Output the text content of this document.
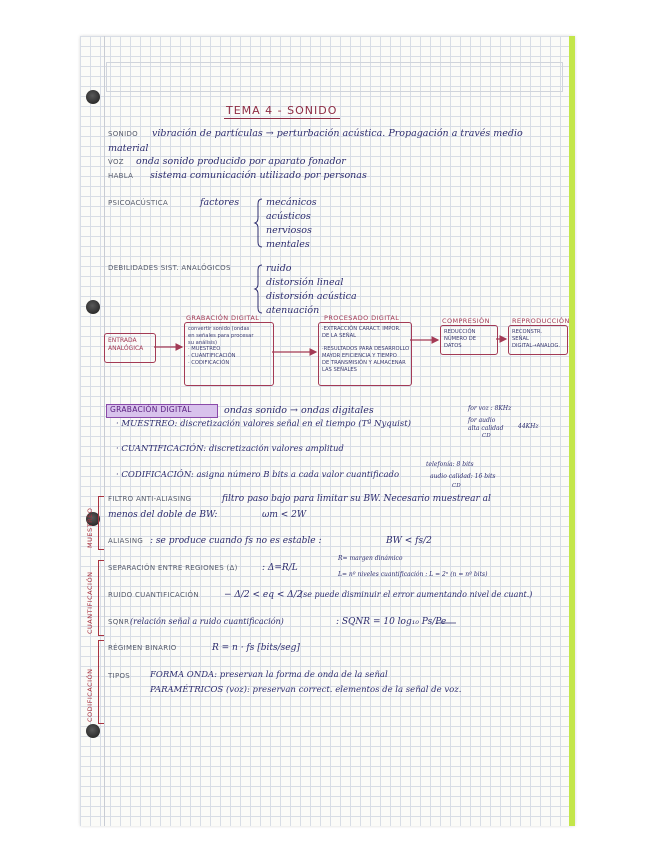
TEMA 4 - SONIDO
SONIDO vibración de partículas → perturbación acústica. Propagación a través medio
material
VOZ onda sonido producido por aparato fonador
HABLA sistema comunicación utilizado por personas
PSICOACÚSTICA	factores	mecánicos
acústicos
nerviosos
mentales
DEBILIDADES SIST. ANALÓGICOS	ruido
distorsión lineal
distorsión acústica
atenuación
ENTRADA
ANALÓGICA
GRABACIÓN DIGITAL
convertir sonido (ondas
en señales para procesar
su análisis)
· MUESTREO
· CUANTIFICACIÓN
· CODIFICACIÓN
PROCESADO DIGITAL
·EXTRACCIÓN CARACT. IMPOR.
DE LA SEÑAL

·RESULTADOS PARA DESARROLLO
MAYOR EFICIENCIA Y TIEMPO
DE TRANSMISIÓN Y ALMACENAR
LAS SEÑALES
COMPRESIÓN
REDUCCIÓN
NÚMERO DE
DATOS
REPRODUCCIÓN
RECONSTR.
SEÑAL
DIGITAL→ANALOG.
GRABACIÓN DIGITAL	ondas sonido → ondas digitales
· MUESTREO: discretización valores señal en el tiempo (Tª Nyquist)
for voz : 8KHz
for audio
alta calidad
CD
44KHz
· CUANTIFICACIÓN: discretización valores amplitud
· CODIFICACIÓN: asigna número B bits a cada valor cuantificado
telefonía: 8 bits
audio calidad: 16 bits
CD
MUESTREO
FILTRO ANTI-ALIASING	filtro paso bajo para limitar su BW. Necesario muestrear al
menos del doble de BW:	ωm < 2W
ALIASING : se produce cuando fs no es estable :	BW < fs/2
CUANTIFICACIÓN
SEPARACIÓN ENTRE REGIONES (Δ)	: Δ=R/L
R= margen dinámico
L= nº niveles cuantificación : L = 2ⁿ (n = nº bits)
RUIDO CUANTIFICACIÓN	− Δ/2 < eq < Δ/2
(se puede disminuir el error aumentando nivel de cuant.)
SQNR (relación señal a ruido cuantificación)	: SQNR = 10 log₁₀ Ps/Pe
CODIFICACIÓN
RÉGIMEN BINARIO	R = n · fs [bits/seg]
TIPOS FORMA ONDA: preservan la forma de onda de la señal
PARAMÉTRICOS (voz): preservan correct. elementos de la señal de voz.
